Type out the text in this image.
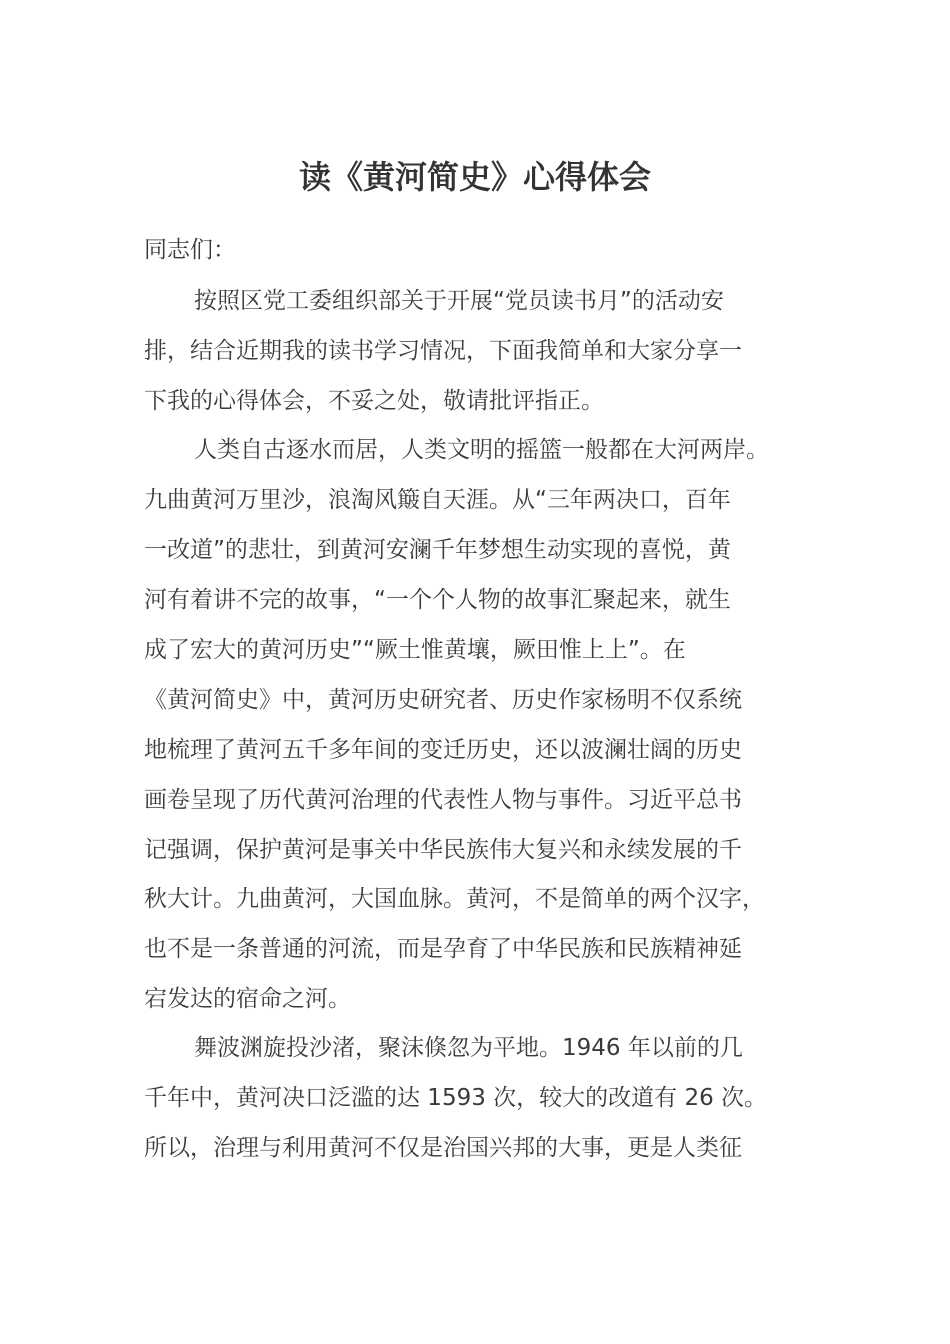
读《黄河简史》心得体会
同志们：
按照区党工委组织部关于开展“党员读书月”的活动安
排，结合近期我的读书学习情况，下面我简单和大家分享一
下我的心得体会，不妥之处，敬请批评指正。
人类自古逐水而居，人类文明的摇篮一般都在大河两岸。
九曲黄河万里沙，浪淘风簸自天涯。从“三年两决口，百年
一改道”的悲壮，到黄河安澜千年梦想生动实现的喜悦，黄
河有着讲不完的故事，“一个个人物的故事汇聚起来，就生
成了宏大的黄河历史”“厥土惟黄壤，厥田惟上上”。在
《黄河简史》中，黄河历史研究者、历史作家杨明不仅系统
地梳理了黄河五千多年间的变迁历史，还以波澜壮阔的历史
画卷呈现了历代黄河治理的代表性人物与事件。习近平总书
记强调，保护黄河是事关中华民族伟大复兴和永续发展的千
秋大计。九曲黄河，大国血脉。黄河，不是简单的两个汉字，
也不是一条普通的河流，而是孕育了中华民族和民族精神延
宕发达的宿命之河。
舞波渊旋投沙渚，聚沫倏忽为平地。1946 年以前的几
千年中，黄河决口泛滥的达 1593 次，较大的改道有 26 次。
所以，治理与利用黄河不仅是治国兴邦的大事，更是人类征
